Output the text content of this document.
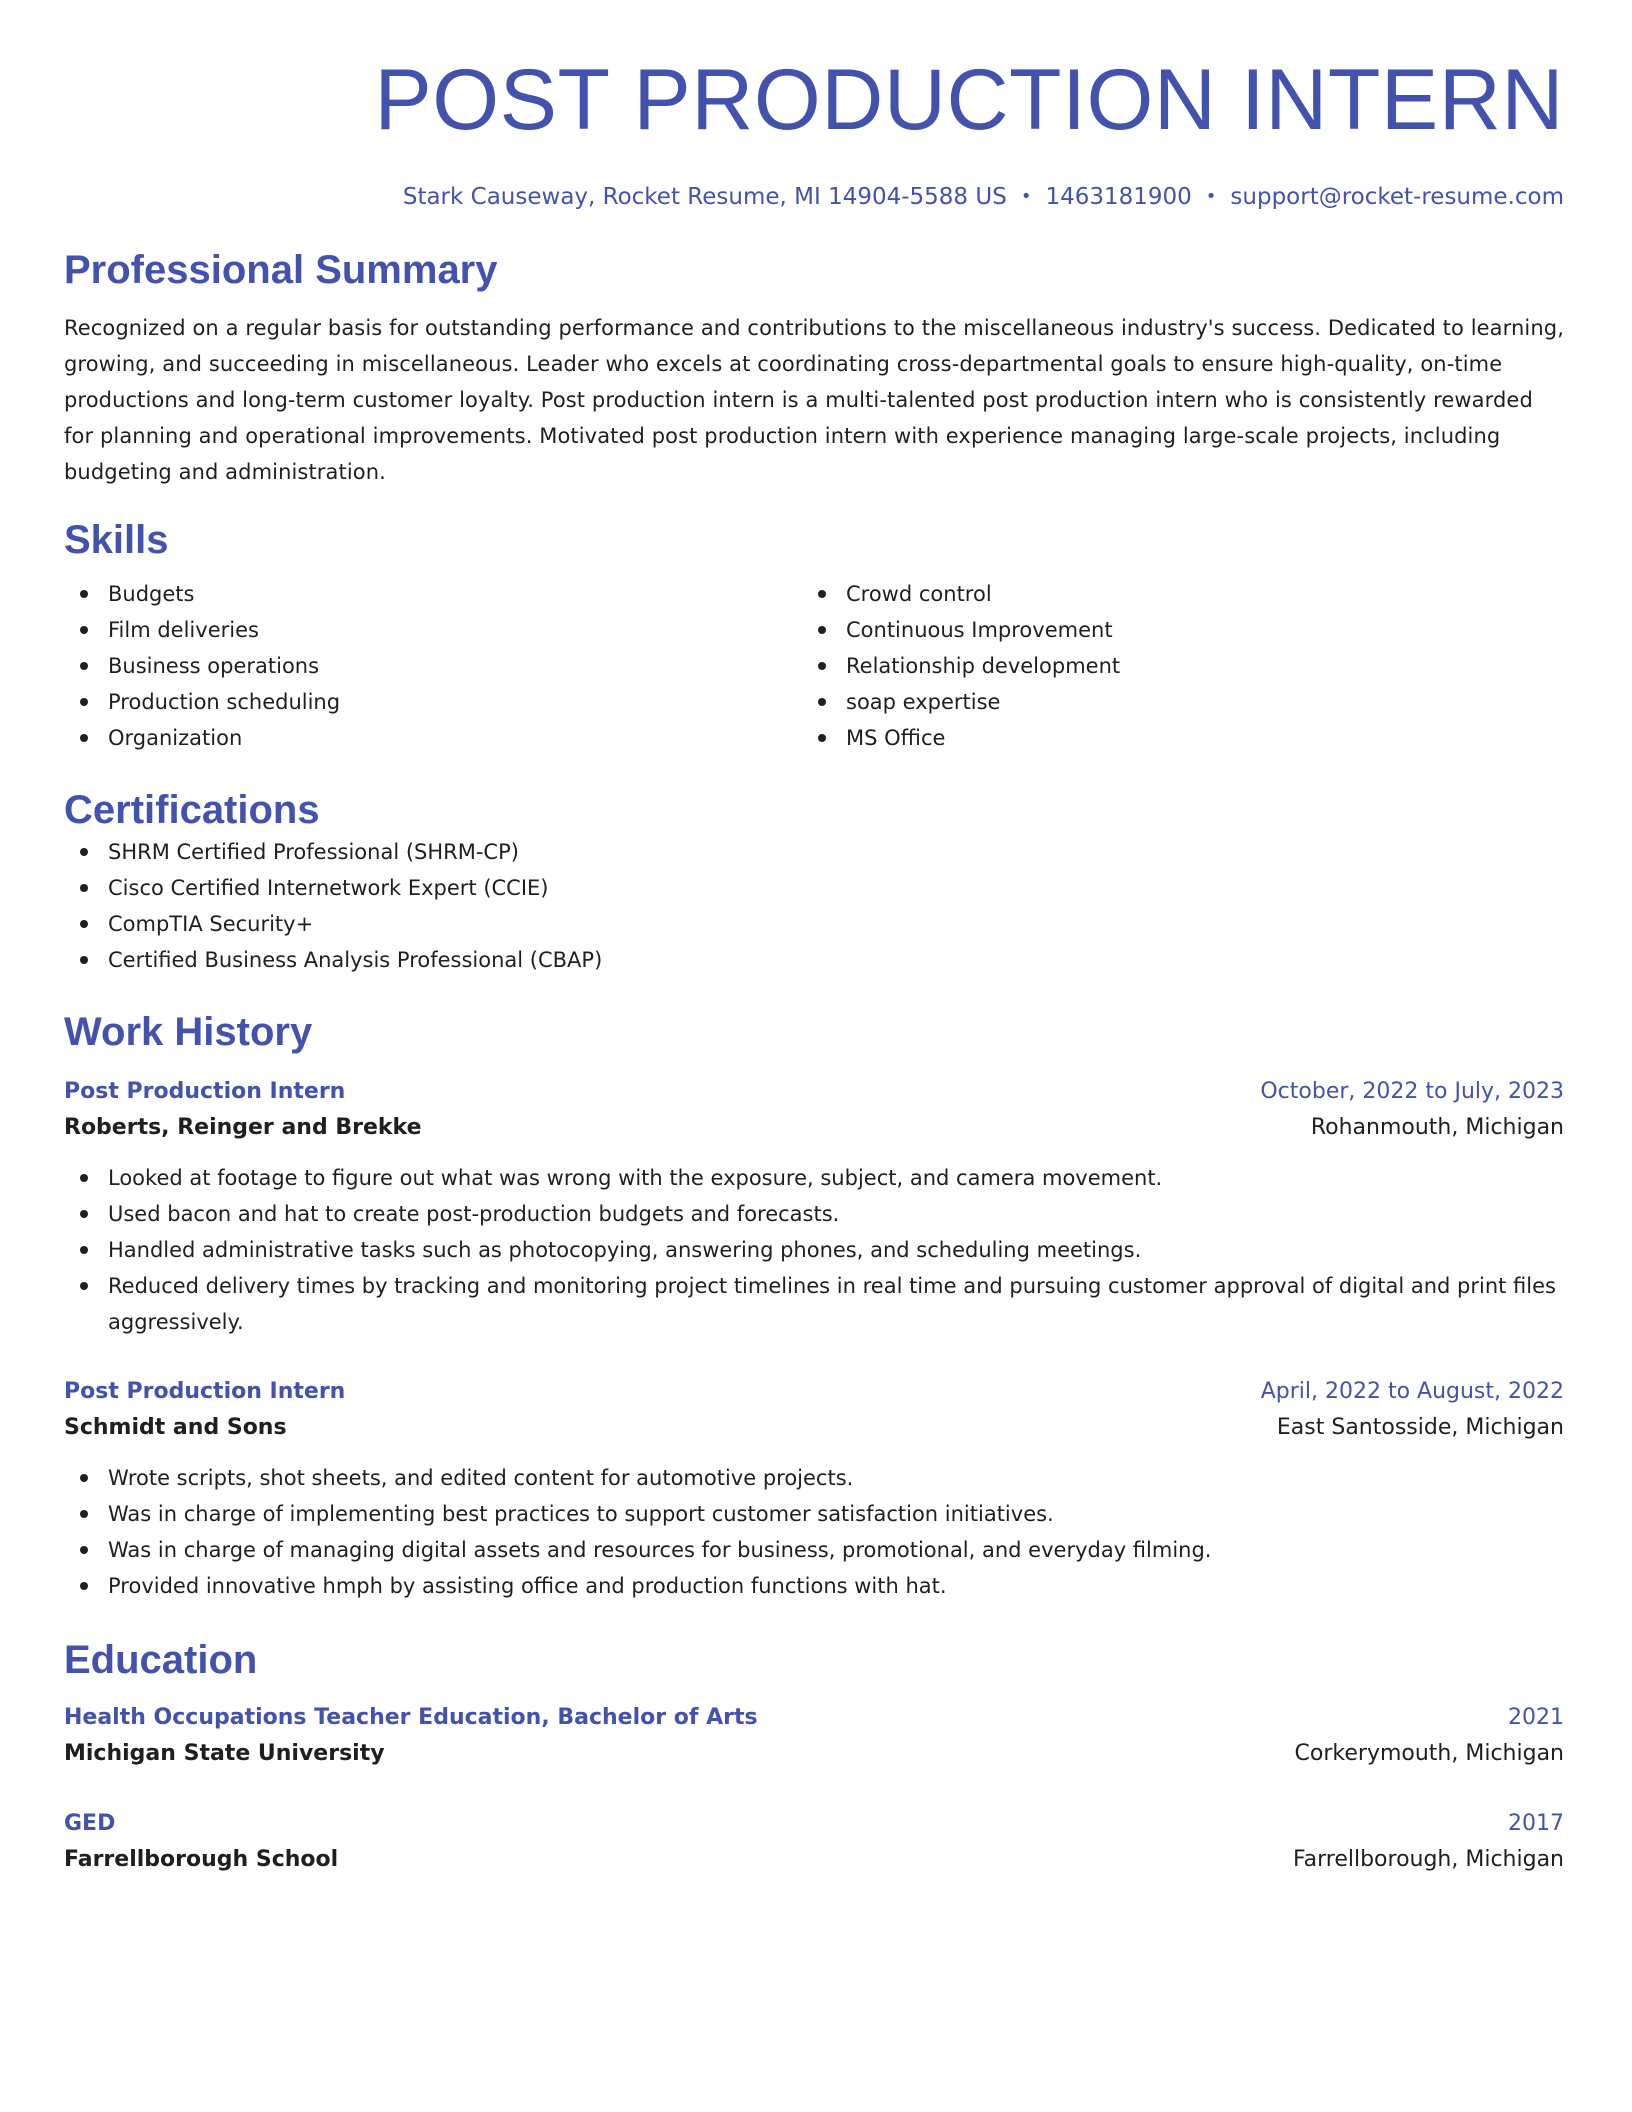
POST PRODUCTION INTERN
Stark Causeway, Rocket Resume, MI 14904-5588 US • 1463181900 • support@rocket-resume.com
Professional Summary
Recognized on a regular basis for outstanding performance and contributions to the miscellaneous industry's success. Dedicated to learning, growing, and succeeding in miscellaneous. Leader who excels at coordinating cross-departmental goals to ensure high-quality, on-time productions and long-term customer loyalty. Post production intern is a multi-talented post production intern who is consistently rewarded for planning and operational improvements. Motivated post production intern with experience managing large-scale projects, including budgeting and administration.
Skills
Budgets
Film deliveries
Business operations
Production scheduling
Organization
Crowd control
Continuous Improvement
Relationship development
soap expertise
MS Office
Certifications
SHRM Certified Professional (SHRM-CP)
Cisco Certified Internetwork Expert (CCIE)
CompTIA Security+
Certified Business Analysis Professional (CBAP)
Work History
Post Production Intern	October, 2022 to July, 2023
Roberts, Reinger and Brekke	Rohanmouth, Michigan
Looked at footage to figure out what was wrong with the exposure, subject, and camera movement.
Used bacon and hat to create post-production budgets and forecasts.
Handled administrative tasks such as photocopying, answering phones, and scheduling meetings.
Reduced delivery times by tracking and monitoring project timelines in real time and pursuing customer approval of digital and print files aggressively.
Post Production Intern	April, 2022 to August, 2022
Schmidt and Sons	East Santosside, Michigan
Wrote scripts, shot sheets, and edited content for automotive projects.
Was in charge of implementing best practices to support customer satisfaction initiatives.
Was in charge of managing digital assets and resources for business, promotional, and everyday filming.
Provided innovative hmph by assisting office and production functions with hat.
Education
Health Occupations Teacher Education, Bachelor of Arts	2021
Michigan State University	Corkerymouth, Michigan
GED	2017
Farrellborough School	Farrellborough, Michigan
